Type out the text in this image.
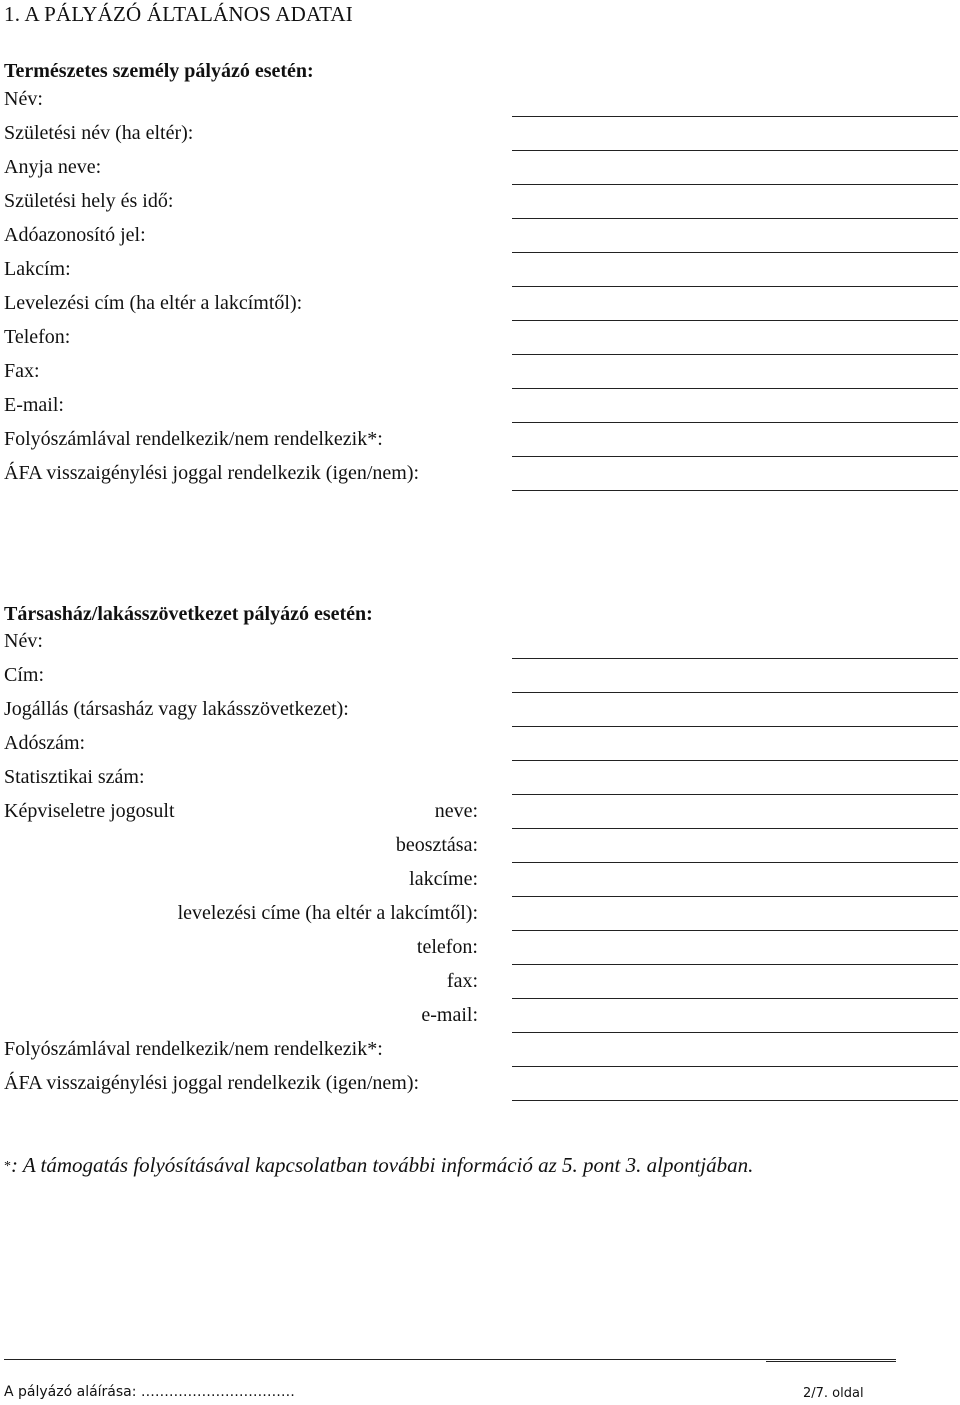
1. A PÁLYÁZÓ ÁLTALÁNOS ADATAI
Természetes személy pályázó esetén:
Név:
Születési név (ha eltér):
Anyja neve:
Születési hely és idő:
Adóazonosító jel:
Lakcím:
Levelezési cím (ha eltér a lakcímtől):
Telefon:
Fax:
E-mail:
Folyószámlával rendelkezik/nem rendelkezik*:
ÁFA visszaigénylési joggal rendelkezik (igen/nem):
Társasház/lakásszövetkezet pályázó esetén:
Név:
Cím:
Jogállás (társasház vagy lakásszövetkezet):
Adószám:
Statisztikai szám:
Képviseletre jogosult	neve:
beosztása:
lakcíme:
levelezési címe (ha eltér a lakcímtől):
telefon:
fax:
e-mail:
Folyószámlával rendelkezik/nem rendelkezik*:
ÁFA visszaigénylési joggal rendelkezik (igen/nem):
*: A támogatás folyósításával kapcsolatban további információ az 5. pont 3. alpontjában.
A pályázó aláírása: ……………………………	2/7. oldal
